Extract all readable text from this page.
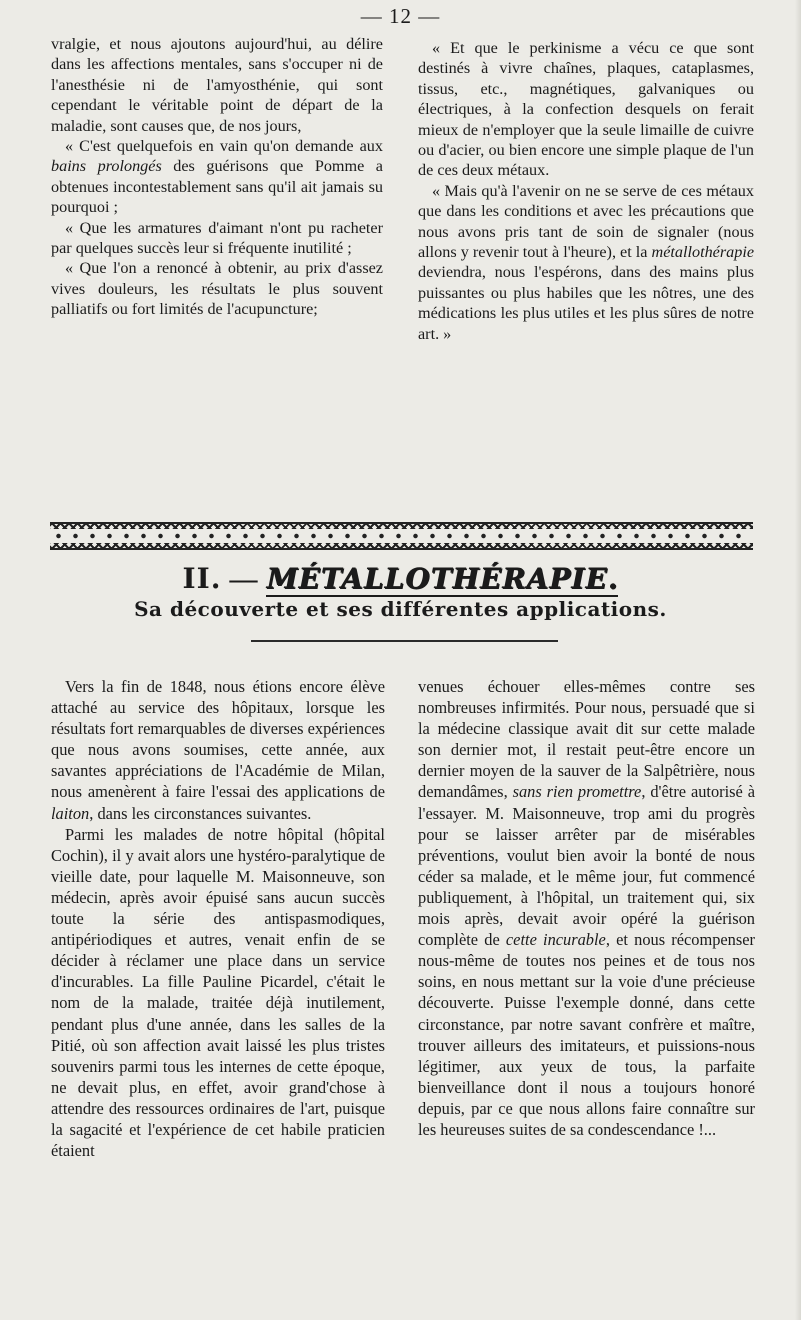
— 12 —

vralgie, et nous ajoutons aujourd'hui, au délire dans les affections mentales, sans s'occuper ni de l'anesthésie ni de l'amyosthénie, qui sont cependant le véritable point de départ de la maladie, sont causes que, de nos jours,

« C'est quelquefois en vain qu'on demande aux bains prolongés des guérisons que Pomme a obtenues incontestablement sans qu'il ait jamais su pourquoi ;

« Que les armatures d'aimant n'ont pu racheter par quelques succès leur si fréquente inutilité ;

« Que l'on a renoncé à obtenir, au prix d'assez vives douleurs, les résultats le plus souvent palliatifs ou fort limités de l'acupuncture;

« Et que le perkinisme a vécu ce que sont destinés à vivre chaînes, plaques, cataplasmes, tissus, etc., magnétiques, galvaniques ou électriques, à la confection desquels on ferait mieux de n'employer que la seule limaille de cuivre ou d'acier, ou bien encore une simple plaque de l'un de ces deux métaux.

« Mais qu'à l'avenir on ne se serve de ces métaux que dans les conditions et avec les précautions que nous avons pris tant de soin de signaler (nous allons y revenir tout à l'heure), et la métallothérapie deviendra, nous l'espérons, dans des mains plus puissantes ou plus habiles que les nôtres, une des médications les plus utiles et les plus sûres de notre art. »

II. — MÉTALLOTHÉRAPIE.
Sa découverte et ses différentes applications.

Vers la fin de 1848, nous étions encore élève attaché au service des hôpitaux, lorsque les résultats fort remarquables de diverses expériences que nous avons soumises, cette année, aux savantes appréciations de l'Académie de Milan, nous amenèrent à faire l'essai des applications de laiton, dans les circonstances suivantes.

Parmi les malades de notre hôpital (hôpital Cochin), il y avait alors une hystéro-paralytique de vieille date, pour laquelle M. Maisonneuve, son médecin, après avoir épuisé sans aucun succès toute la série des antispasmodiques, antipériodiques et autres, venait enfin de se décider à réclamer une place dans un service d'incurables. La fille Pauline Picardel, c'était le nom de la malade, traitée déjà inutilement, pendant plus d'une année, dans les salles de la Pitié, où son affection avait laissé les plus tristes souvenirs parmi tous les internes de cette époque, ne devait plus, en effet, avoir grand'chose à attendre des ressources ordinaires de l'art, puisque la sagacité et l'expérience de cet habile praticien étaient

venues échouer elles-mêmes contre ses nombreuses infirmités. Pour nous, persuadé que si la médecine classique avait dit sur cette malade son dernier mot, il restait peut-être encore un dernier moyen de la sauver de la Salpêtrière, nous demandâmes, sans rien promettre, d'être autorisé à l'essayer. M. Maisonneuve, trop ami du progrès pour se laisser arrêter par de misérables préventions, voulut bien avoir la bonté de nous céder sa malade, et le même jour, fut commencé publiquement, à l'hôpital, un traitement qui, six mois après, devait avoir opéré la guérison complète de cette incurable, et nous récompenser nous-même de toutes nos peines et de tous nos soins, en nous mettant sur la voie d'une précieuse découverte. Puisse l'exemple donné, dans cette circonstance, par notre savant confrère et maître, trouver ailleurs des imitateurs, et puissions-nous légitimer, aux yeux de tous, la parfaite bienveillance dont il nous a toujours honoré depuis, par ce que nous allons faire connaître sur les heureuses suites de sa condescendance !...
